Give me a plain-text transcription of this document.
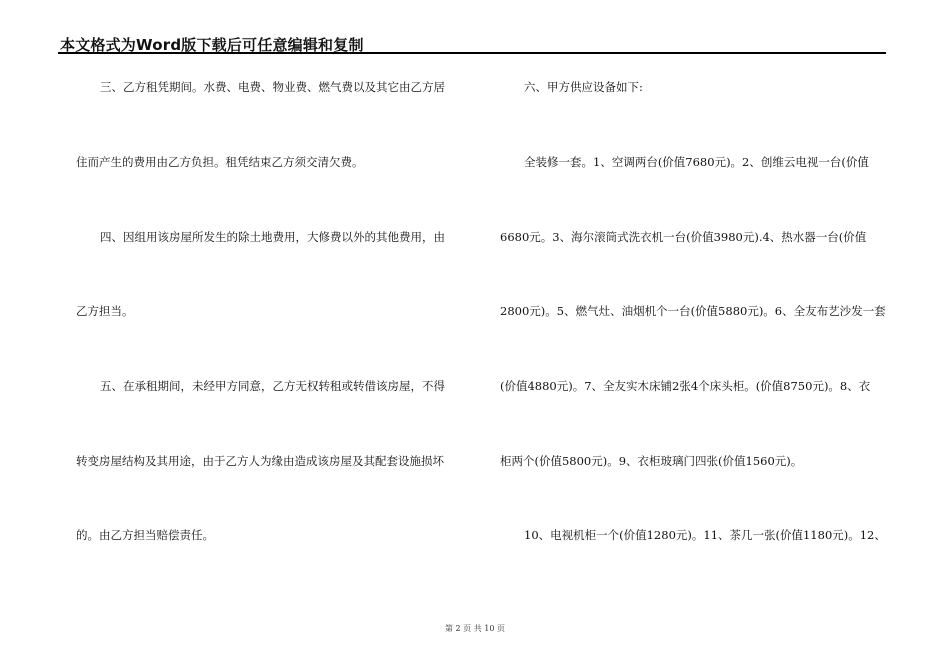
本文格式为Word版下载后可任意编辑和复制
三、乙方租凭期间。水费、电费、物业费、燃气费以及其它由乙方居
住而产生的费用由乙方负担。租凭结束乙方须交清欠费。
四、因组用该房屋所发生的除土地费用，大修费以外的其他费用，由
乙方担当。
五、在承租期间，未经甲方同意，乙方无权转租或转借该房屋，不得
转变房屋结构及其用途，由于乙方人为缘由造成该房屋及其配套设施损坏
的。由乙方担当赔偿责任。
六、甲方供应设备如下:
全装修一套。1、空调两台(价值7680元)。2、创维云电视一台(价值
6680元。3、海尔滚筒式洗衣机一台(价值3980元).4、热水器一台(价值
2800元)。5、燃气灶、油烟机个一台(价值5880元)。6、全友布艺沙发一套
(价值4880元)。7、全友实木床铺2张4个床头柜。(价值8750元)。8、衣
柜两个(价值5800元)。9、衣柜玻璃门四张(价值1560元)。
10、电视机柜一个(价值1280元)。11、茶几一张(价值1180元)。12、
第 2 页 共 10 页
